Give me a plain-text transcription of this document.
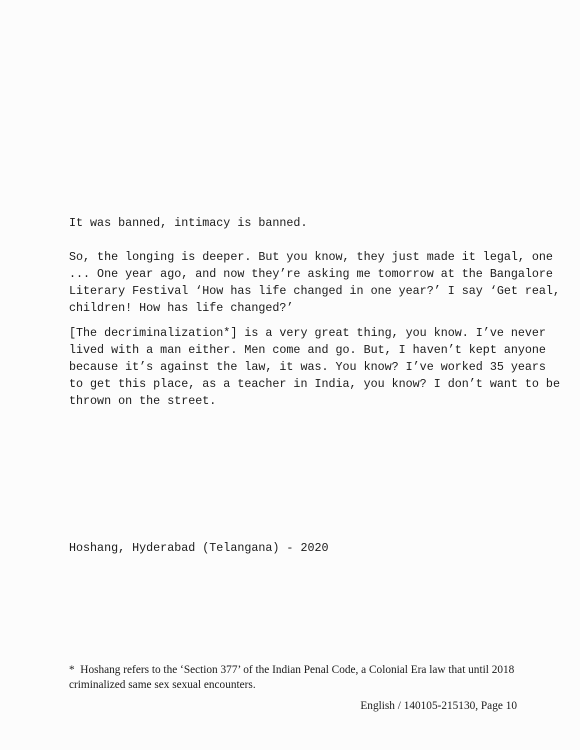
It was banned, intimacy is banned.

So, the longing is deeper. But you know, they just made it legal, one
... One year ago, and now they’re asking me tomorrow at the Bangalore
Literary Festival ‘How has life changed in one year?’ I say ‘Get real,
children! How has life changed?’

[The decriminalization*] is a very great thing, you know. I’ve never
lived with a man either. Men come and go. But, I haven’t kept anyone
because it’s against the law, it was. You know? I’ve worked 35 years
to get this place, as a teacher in India, you know? I don’t want to be
thrown on the street.

Hoshang, Hyderabad (Telangana) - 2020

*  Hoshang refers to the ‘Section 377’ of the Indian Penal Code, a Colonial Era law that until 2018
criminalized same sex sexual encounters.

English / 140105-215130, Page 10
